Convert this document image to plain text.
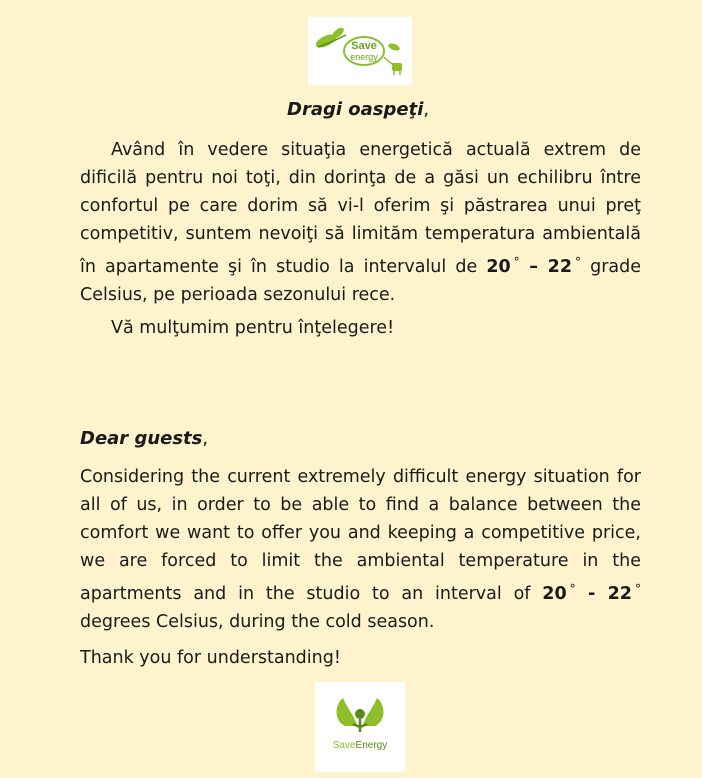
Save
energy

Dragi oaspeţi,

Având în vedere situaţia energetică actuală extrem de dificilă pentru noi toţi, din dorinţa de a găsi un echilibru între confortul pe care dorim să vi-l oferim şi păstrarea unui preţ competitiv, suntem nevoiţi să limităm temperatura ambientală în apartamente şi în studio la intervalul de 20 ° – 22 ° grade Celsius, pe perioada sezonului rece.

Vă mulţumim pentru înţelegere!

Dear guests,

Considering the current extremely difficult energy situation for all of us, in order to be able to find a balance between the comfort we want to offer you and keeping a competitive price, we are forced to limit the ambiental temperature in the apartments and in the studio to an interval of 20 ° - 22 ° degrees Celsius, during the cold season.

Thank you for understanding!

SaveEnergy
